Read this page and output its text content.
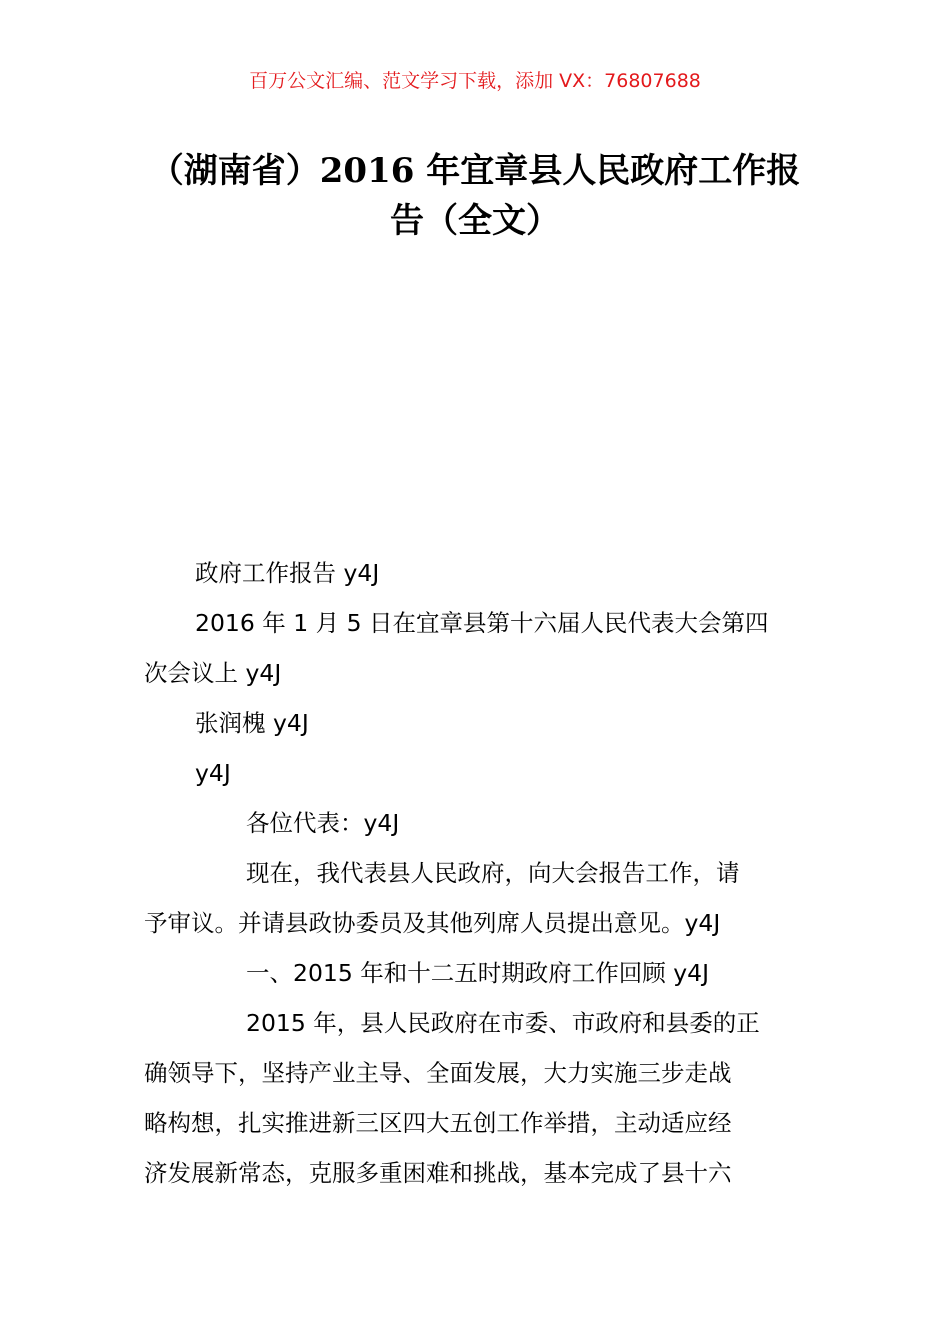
百万公文汇编、范文学习下载，添加 VX：76807688
（湖南省）2016 年宜章县人民政府工作报
告（全文）
政府工作报告 y4J
2016 年 1 月 5 日在宜章县第十六届人民代表大会第四
次会议上 y4J
张润槐 y4J
y4J
各位代表：y4J
现在，我代表县人民政府，向大会报告工作，请
予审议。并请县政协委员及其他列席人员提出意见。y4J
一、2015 年和十二五时期政府工作回顾 y4J
2015 年，县人民政府在市委、市政府和县委的正
确领导下，坚持产业主导、全面发展，大力实施三步走战
略构想，扎实推进新三区四大五创工作举措，主动适应经
济发展新常态，克服多重困难和挑战，基本完成了县十六
